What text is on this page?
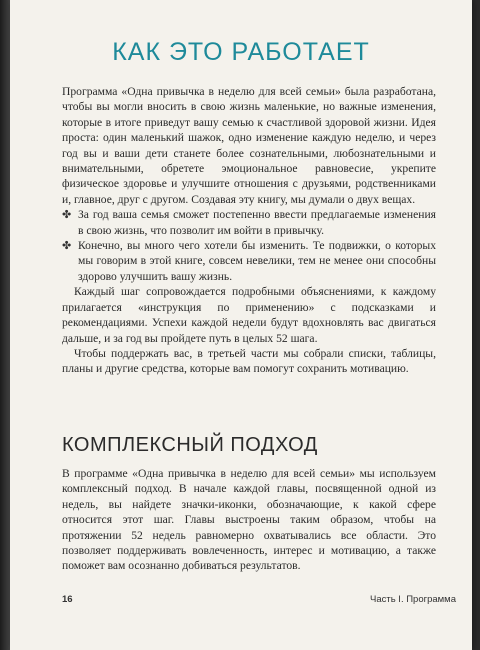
КАК ЭТО РАБОТАЕТ

Программа «Одна привычка в неделю для всей семьи» была разработана, чтобы вы могли вносить в свою жизнь маленькие, но важные изменения, которые в итоге приведут вашу семью к счастливой здоровой жизни. Идея проста: один маленький шажок, одно изменение каждую неделю, и через год вы и ваши дети станете более сознательными, любознательными и внимательными, обретете эмоциональное равновесие, укрепите физическое здоровье и улучшите отношения с друзьями, родственниками и, главное, друг с другом. Создавая эту книгу, мы думали о двух вещах.

✤ За год ваша семья сможет постепенно ввести предлагаемые изменения в свою жизнь, что позволит им войти в привычку.

✤ Конечно, вы много чего хотели бы изменить. Те подвижки, о которых мы говорим в этой книге, совсем невелики, тем не менее они способны здорово улучшить вашу жизнь.

Каждый шаг сопровождается подробными объяснениями, к каждому прилагается «инструкция по применению» с подсказками и рекомендациями. Успехи каждой недели будут вдохновлять вас двигаться дальше, и за год вы пройдете путь в целых 52 шага.

Чтобы поддержать вас, в третьей части мы собрали списки, таблицы, планы и другие средства, которые вам помогут сохранить мотивацию.

КОМПЛЕКСНЫЙ ПОДХОД

В программе «Одна привычка в неделю для всей семьи» мы используем комплексный подход. В начале каждой главы, посвященной одной из недель, вы найдете значки-иконки, обозначающие, к какой сфере относится этот шаг. Главы выстроены таким образом, чтобы на протяжении 52 недель равномерно охватывались все области. Это позволяет поддерживать вовлеченность, интерес и мотивацию, а также поможет вам осознанно добиваться результатов.

16	Часть I. Программа
